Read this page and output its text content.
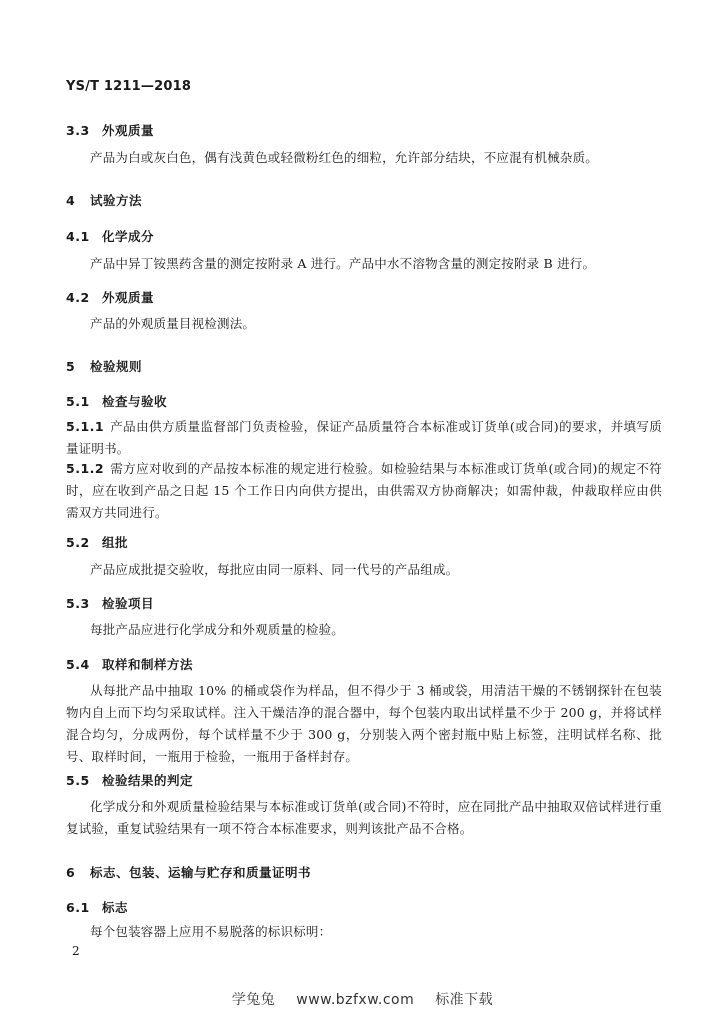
YS/T 1211—2018
3.3 外观质量
产品为白或灰白色，偶有浅黄色或轻微粉红色的细粒，允许部分结块，不应混有机械杂质。
4 试验方法
4.1 化学成分
产品中异丁铵黑药含量的测定按附录 A 进行。产品中水不溶物含量的测定按附录 B 进行。
4.2 外观质量
产品的外观质量目视检测法。
5 检验规则
5.1 检查与验收
5.1.1 产品由供方质量监督部门负责检验，保证产品质量符合本标准或订货单(或合同)的要求，并填写质量证明书。
5.1.2 需方应对收到的产品按本标准的规定进行检验。如检验结果与本标准或订货单(或合同)的规定不符时，应在收到产品之日起 15 个工作日内向供方提出，由供需双方协商解决；如需仲裁，仲裁取样应由供需双方共同进行。
5.2 组批
产品应成批提交验收，每批应由同一原料、同一代号的产品组成。
5.3 检验项目
每批产品应进行化学成分和外观质量的检验。
5.4 取样和制样方法
从每批产品中抽取 10% 的桶或袋作为样品，但不得少于 3 桶或袋，用清洁干燥的不锈钢探针在包装物内自上而下均匀采取试样。注入干燥洁净的混合器中，每个包装内取出试样量不少于 200 g，并将试样混合均匀，分成两份，每个试样量不少于 300 g，分别装入两个密封瓶中贴上标签，注明试样名称、批号、取样时间，一瓶用于检验，一瓶用于备样封存。
5.5 检验结果的判定
化学成分和外观质量检验结果与本标准或订货单(或合同)不符时，应在同批产品中抽取双倍试样进行重复试验，重复试验结果有一项不符合本标准要求，则判该批产品不合格。
6 标志、包装、运输与贮存和质量证明书
6.1 标志
每个包装容器上应用不易脱落的标识标明：
2
学兔兔 www.bzfxw.com 标准下载
